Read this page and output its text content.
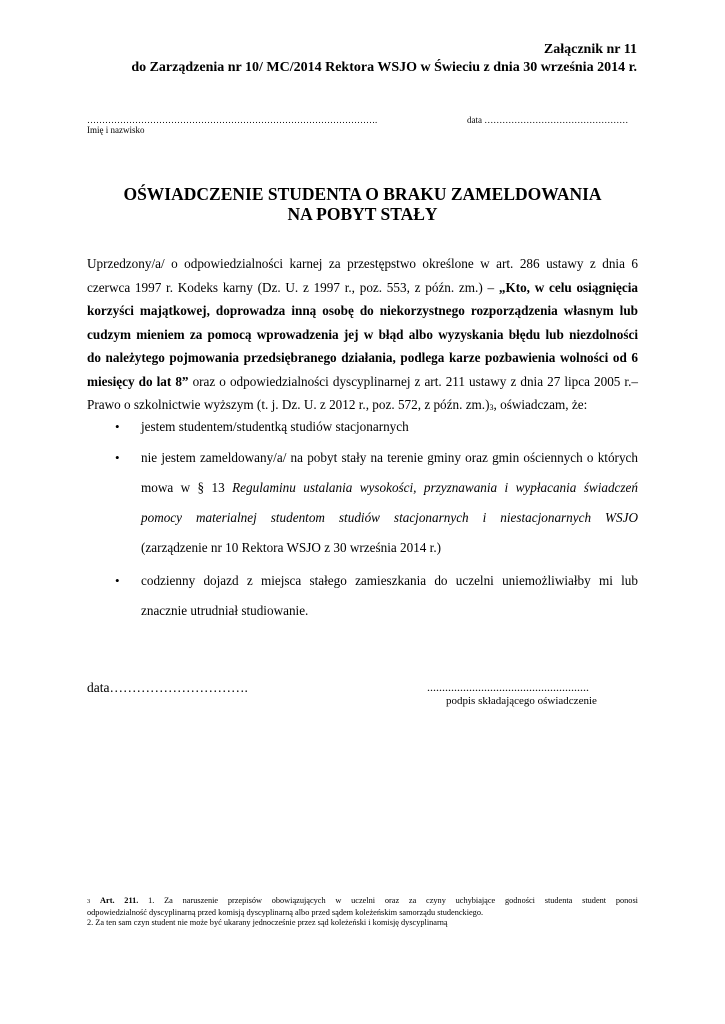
Załącznik nr 11
do Zarządzenia nr 10/ MC/2014 Rektora WSJO w Świeciu z dnia 30 września 2014 r.
…………………………………………………………………………………….
Imię i nazwisko
data …………………………………………
OŚWIADCZENIE STUDENTA O BRAKU ZAMELDOWANIA
NA POBYT STAŁY
Uprzedzony/a/ o odpowiedzialności karnej za przestępstwo określone w art. 286 ustawy z dnia 6
czerwca 1997 r. Kodeks karny (Dz. U. z 1997 r., poz. 553, z późn. zm.) – „Kto, w celu osiągnięcia
korzyści majątkowej, doprowadza inną osobę do niekorzystnego rozporządzenia własnym lub
cudzym mieniem za pomocą wprowadzenia jej w błąd albo wyzyskania błędu lub niezdolności
do należytego pojmowania przedsiębranego działania, podlega karze pozbawienia wolności od 6
miesięcy do lat 8” oraz o odpowiedzialności dyscyplinarnej z art. 211 ustawy z dnia 27 lipca 2005 r.–
Prawo o szkolnictwie wyższym (t. j. Dz. U. z 2012 r., poz. 572, z późn. $zm.)_3$, oświadczam, że:
• jestem studentem/studentką studiów stacjonarnych
• nie jestem zameldowany/a/ na pobyt stały na terenie gminy oraz gmin ościennych o których
mowa w § 13 Regulaminu ustalania wysokości, przyznawania i wypłacania świadczeń
pomocy materialnej studentom studiów stacjonarnych i niestacjonarnych WSJO
(zarządzenie nr 10 Rektora WSJO z 30 września 2014 r.)
• codzienny dojazd z miejsca stałego zamieszkania do uczelni uniemożliwiałby mi lub
znacznie utrudniał studiowanie.
data………………………….	......................................................
podpis składającego oświadczenie
3 Art. 211. 1. Za naruszenie przepisów obowiązujących w uczelni oraz za czyny uchybiające godności studenta student ponosi
odpowiedzialność dyscyplinarną przed komisją dyscyplinarną albo przed sądem koleżeńskim samorządu studenckiego.
2. Za ten sam czyn student nie może być ukarany jednocześnie przez sąd koleżeński i komisję dyscyplinarną
